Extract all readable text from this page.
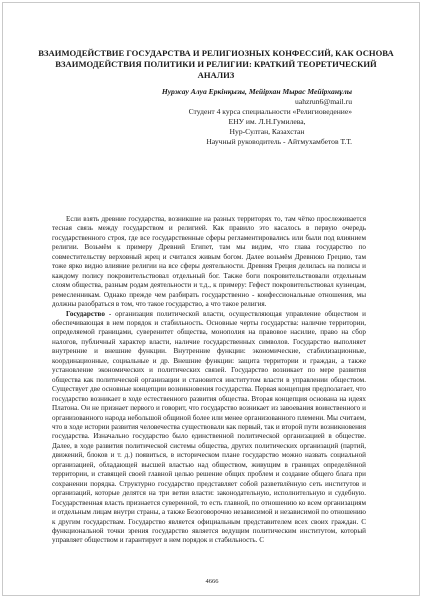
ВЗАИМОДЕЙСТВИЕ ГОСУДАРСТВА И РЕЛИГИОЗНЫХ КОНФЕССИЙ, КАК ОСНОВА ВЗАИМОДЕЙСТВИЯ ПОЛИТИКИ И РЕЛИГИИ: КРАТКИЙ ТЕОРЕТИЧЕСКИЙ АНАЛИЗ
Нуржау Алуа Еркінқызы, Мейірхан Мырас Мейірханұлы
uahzrun6@mail.ru
Студент 4 курса специальности «Религиоведение»
ЕНУ им. Л.Н.Гумилева,
Нур-Султан, Казахстан
Научный руководитель - Айтмухамбетов Т.Т.

Если взять древние государства, возникшие на разных территорях то, там чётко прослеживается тесная связь между государством и религией. Как правило это касалось в первую очередь государственного строя, где все государственные сферы регламентировались или были под влиянием религии. Возьмём к примеру Древний Египет, там мы видим, что глава государство по совместительству верховный жрец и считался живым богом. Далее возьмём Древнюю Грецию, там тоже ярко видно влияние религии на все сферы деятельности. Древняя Греция делилась на полисы и каждому полису покровительствовал отдельный бог. Также боги покровительствовали отдельным слоям общества, разным родам деятельности и т.д., к примеру: Гефест покровительствовал кузнецам, ремесленникам. Однако прежде чем разбирать государственно - конфессиональные отношения, мы должны разобраться в том, что такое государство, а что такое религия.

Государство - организация политической власти, осуществляющая управление обществом и обеспечивающая в нем порядок и стабильность. Основные черты государства: наличие территории, определяемой границами, суверенитет общества, монополия на правовое насилие, право на сбор налогов, публичный характер власти, наличие государственных символов. Государство выполняет внутренние и внешние функции. Внутренние функции: экономические, стабилизационные, координационные, социальные и др. Внешние функции: защита территории и граждан, а также установление экономических и политических связей. Государство возникает по мере развития общества как политической организации и становится институтом власти в управлении обществом. Существует две основные концепции возникновения государства. Первая концепция предполагает, что государство возникает в ходе естественного развития общества. Вторая концепция основана на идеях Платона. Он не признает первого и говорит, что государство возникает из завоевания воинственного и организованного народа небольшой общиной более или менее организованного племени. Мы считаем, что в ходе истории развития человечества существовали как первый, так и второй пути возникновения государства. Изначально государство было единственной политической организацией в обществе. Далее, в ходе развития политической системы общества, других политических организаций (партий, движений, блоков и т. д.) появиться, в историческом плане государство можно назвать социальной организацией, обладающей высшей властью над обществом, живущим в границах определённой территории, и ставящей своей главной целью решение общих проблем и создание общего блага при сохранении порядка. Структурно государство представляет собой разветвлённую сеть институтов и организаций, которые делятся на три ветви власти: законодательную, исполнительную и судебную. Государственная власть признается суверенной, то есть главной, по отношению ко всем организациям и отдельным лицам внутри страны, а также Безоговорочно независимой и независимой по отношению к другим государствам. Государство является официальным представителем всех своих граждан. С функциональной точки зрения государство является ведущим политическим институтом, который управляет обществом и гарантирует в нем порядок и стабильность. С

4666
